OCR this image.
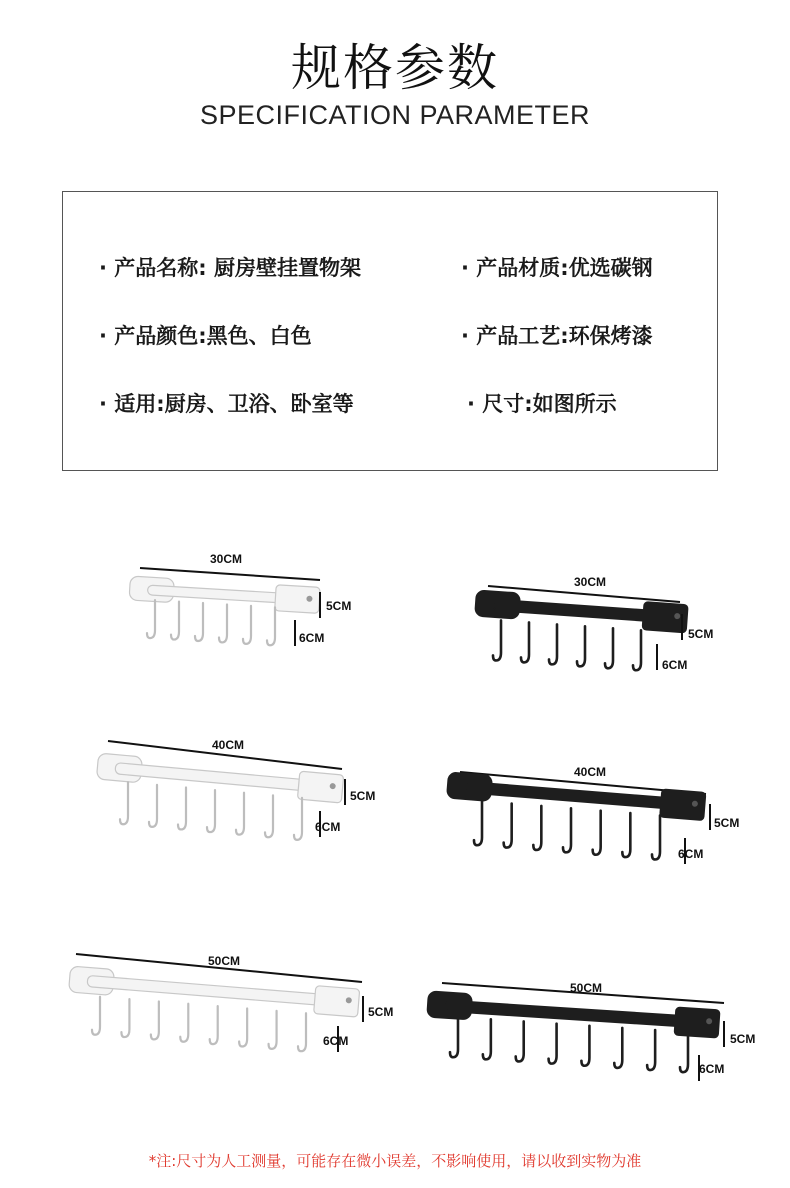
规格参数
SPECIFICATION PARAMETER
· 产品名称: 厨房壁挂置物架	· 产品材质:优选碳钢
· 产品颜色:黑色、白色	· 产品工艺:环保烤漆
· 适用:厨房、卫浴、卧室等	· 尺寸:如图所示
30CM
5CM
6CM
30CM
5CM
6CM
40CM
5CM
6CM
40CM
5CM
6CM
50CM
5CM
6CM
50CM
5CM
6CM
*注:尺寸为人工测量，可能存在微小误差，不影响使用，请以收到实物为准
